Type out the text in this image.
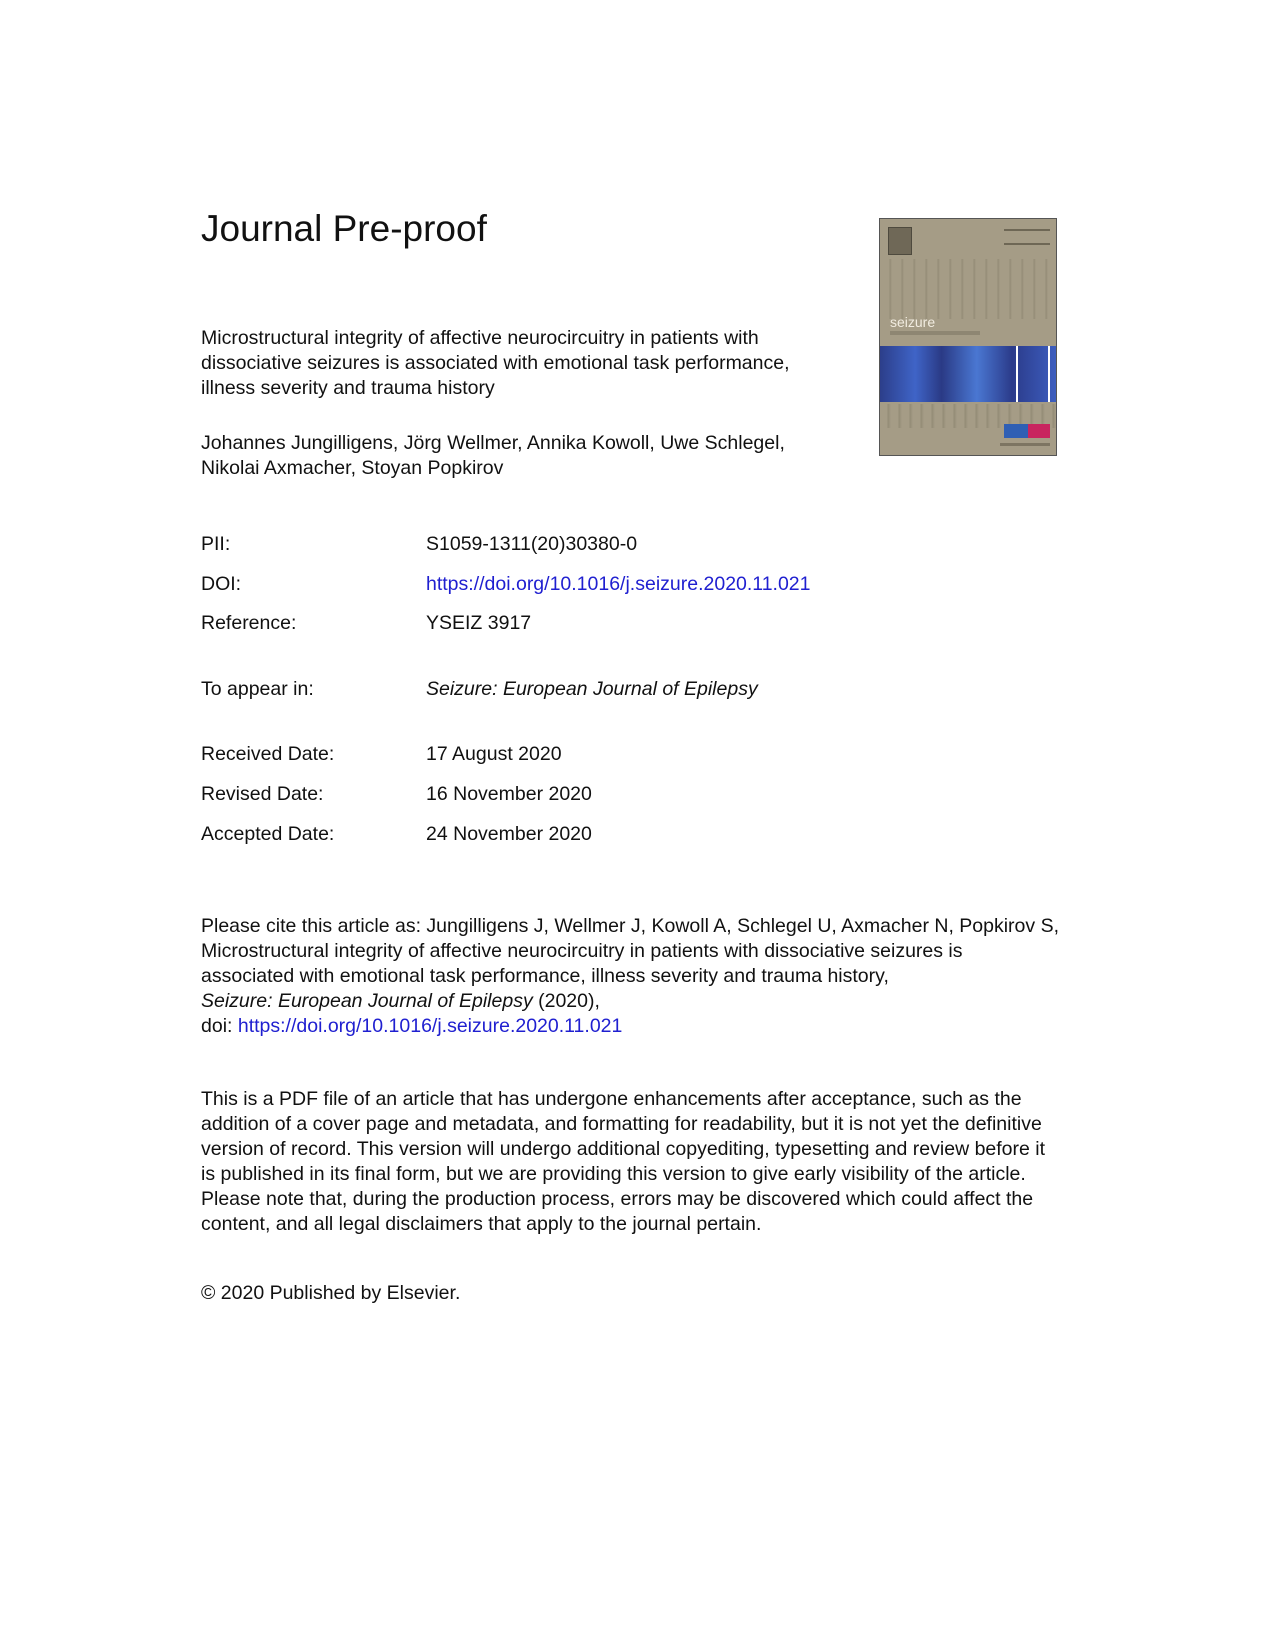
Journal Pre-proof

Microstructural integrity of affective neurocircuitry in patients with dissociative seizures is associated with emotional task performance, illness severity and trauma history

Johannes Jungilligens, Jӧrg Wellmer, Annika Kowoll, Uwe Schlegel, Nikolai Axmacher, Stoyan Popkirov

seizure
PII:	S1059-1311(20)30380-0
DOI:	https://doi.org/10.1016/j.seizure.2020.11.021
Reference:	YSEIZ 3917
To appear in:	Seizure: European Journal of Epilepsy
Received Date:	17 August 2020
Revised Date:	16 November 2020
Accepted Date:	24 November 2020

Please cite this article as: Jungilligens J, Wellmer J, Kowoll A, Schlegel U, Axmacher N, Popkirov S, Microstructural integrity of affective neurocircuitry in patients with dissociative seizures is associated with emotional task performance, illness severity and trauma history,
Seizure: European Journal of Epilepsy (2020),
doi: https://doi.org/10.1016/j.seizure.2020.11.021

This is a PDF file of an article that has undergone enhancements after acceptance, such as the addition of a cover page and metadata, and formatting for readability, but it is not yet the definitive version of record. This version will undergo additional copyediting, typesetting and review before it is published in its final form, but we are providing this version to give early visibility of the article. Please note that, during the production process, errors may be discovered which could affect the content, and all legal disclaimers that apply to the journal pertain.

© 2020 Published by Elsevier.
